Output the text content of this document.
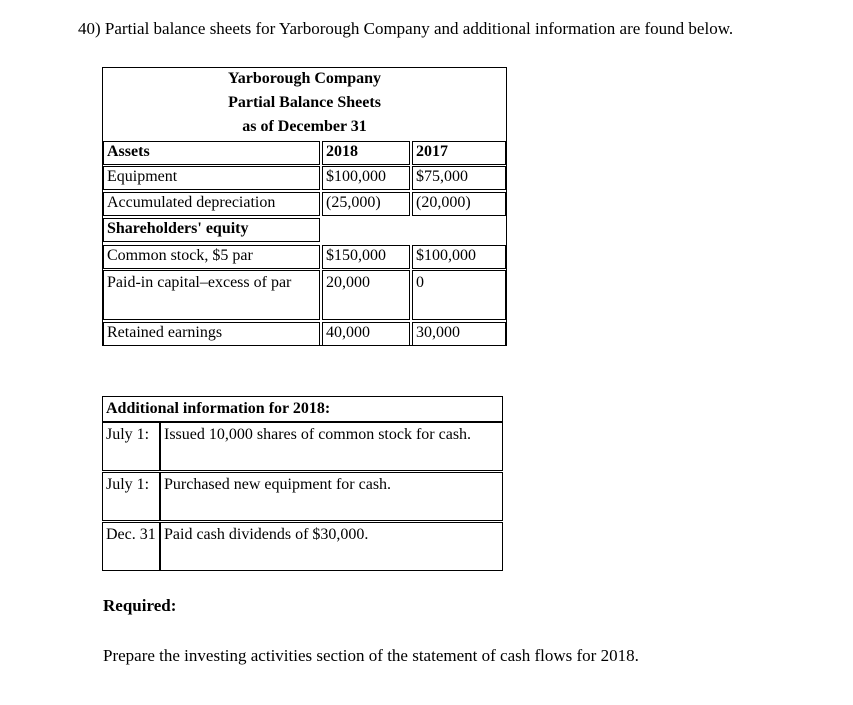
40) Partial balance sheets for Yarborough Company and additional information are found below.
Yarborough Company
Partial Balance Sheets
as of December 31
Assets	2018	2017
Equipment	$100,000	$75,000
Accumulated depreciation	(25,000)	(20,000)
Shareholders' equity
Common stock, $5 par	$150,000	$100,000
Paid-in capital–excess of par	20,000	0
Retained earnings	40,000	30,000
Additional information for 2018:
July 1: Issued 10,000 shares of common stock for cash.
July 1: Purchased new equipment for cash.
Dec. 31 Paid cash dividends of $30,000.
Required:
Prepare the investing activities section of the statement of cash flows for 2018.
